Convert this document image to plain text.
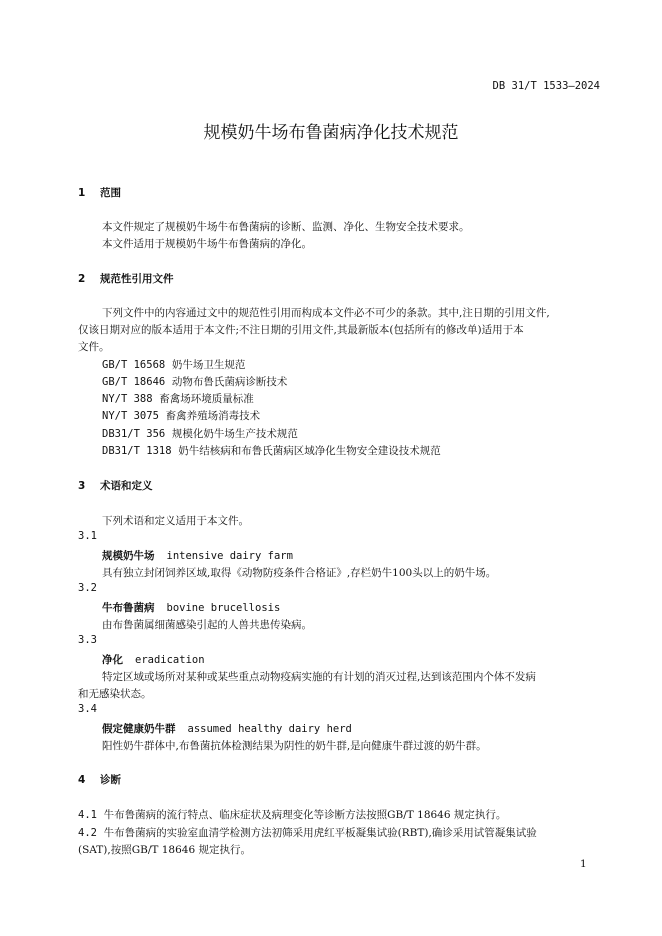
DB 31/T 1533—2024
规模奶牛场布鲁菌病净化技术规范
1 范围
本文件规定了规模奶牛场牛布鲁菌病的诊断、监测、净化、生物安全技术要求。
本文件适用于规模奶牛场牛布鲁菌病的净化。
2 规范性引用文件
下列文件中的内容通过文中的规范性引用而构成本文件必不可少的条款。其中,注日期的引用文件,
仅该日期对应的版本适用于本文件;不注日期的引用文件,其最新版本(包括所有的修改单)适用于本
文件。
GB/T 16568 奶牛场卫生规范
GB/T 18646 动物布鲁氏菌病诊断技术
NY/T 388 畜禽场环境质量标准
NY/T 3075 畜禽养殖场消毒技术
DB31/T 356 规模化奶牛场生产技术规范
DB31/T 1318 奶牛结核病和布鲁氏菌病区域净化生物安全建设技术规范
3 术语和定义
下列术语和定义适用于本文件。
3.1
规模奶牛场 intensive dairy farm
具有独立封闭饲养区域,取得《动物防疫条件合格证》,存栏奶牛100头以上的奶牛场。
3.2
牛布鲁菌病 bovine brucellosis
由布鲁菌属细菌感染引起的人兽共患传染病。
3.3
净化 eradication
特定区域或场所对某种或某些重点动物疫病实施的有计划的消灭过程,达到该范围内个体不发病
和无感染状态。
3.4
假定健康奶牛群 assumed healthy dairy herd
阳性奶牛群体中,布鲁菌抗体检测结果为阴性的奶牛群,是向健康牛群过渡的奶牛群。
4 诊断
4.1 牛布鲁菌病的流行特点、临床症状及病理变化等诊断方法按照GB/T 18646 规定执行。
4.2 牛布鲁菌病的实验室血清学检测方法初筛采用虎红平板凝集试验(RBT),确诊采用试管凝集试验
(SAT),按照GB/T 18646 规定执行。
1
